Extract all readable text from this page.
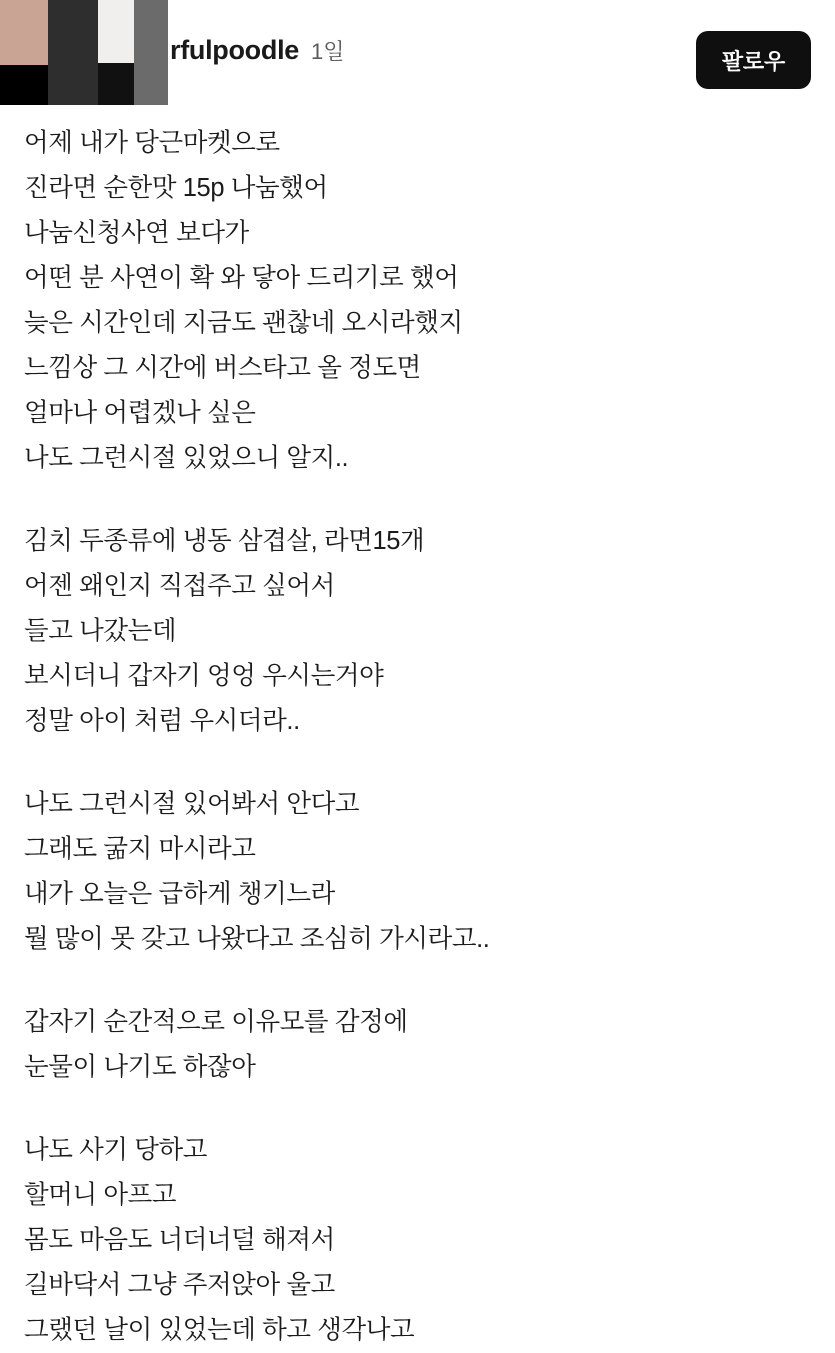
rfulpoodle 1일	팔로우
어제 내가 당근마켓으로
진라면 순한맛 15p 나눔했어
나눔신청사연 보다가
어떤 분 사연이 확 와 닿아 드리기로 했어
늦은 시간인데 지금도 괜찮네 오시라했지
느낌상 그 시간에 버스타고 올 정도면
얼마나 어렵겠나 싶은
나도 그런시절 있었으니 알지..
김치 두종류에 냉동 삼겹살, 라면15개
어젠 왜인지 직접주고 싶어서
들고 나갔는데
보시더니 갑자기 엉엉 우시는거야
정말 아이 처럼 우시더라..
나도 그런시절 있어봐서 안다고
그래도 굶지 마시라고
내가 오늘은 급하게 챙기느라
뭘 많이 못 갖고 나왔다고 조심히 가시라고..
갑자기 순간적으로 이유모를 감정에
눈물이 나기도 하잖아
나도 사기 당하고
할머니 아프고
몸도 마음도 너더너덜 해져서
길바닥서 그냥 주저앉아 울고
그랬던 날이 있었는데 하고 생각나고
